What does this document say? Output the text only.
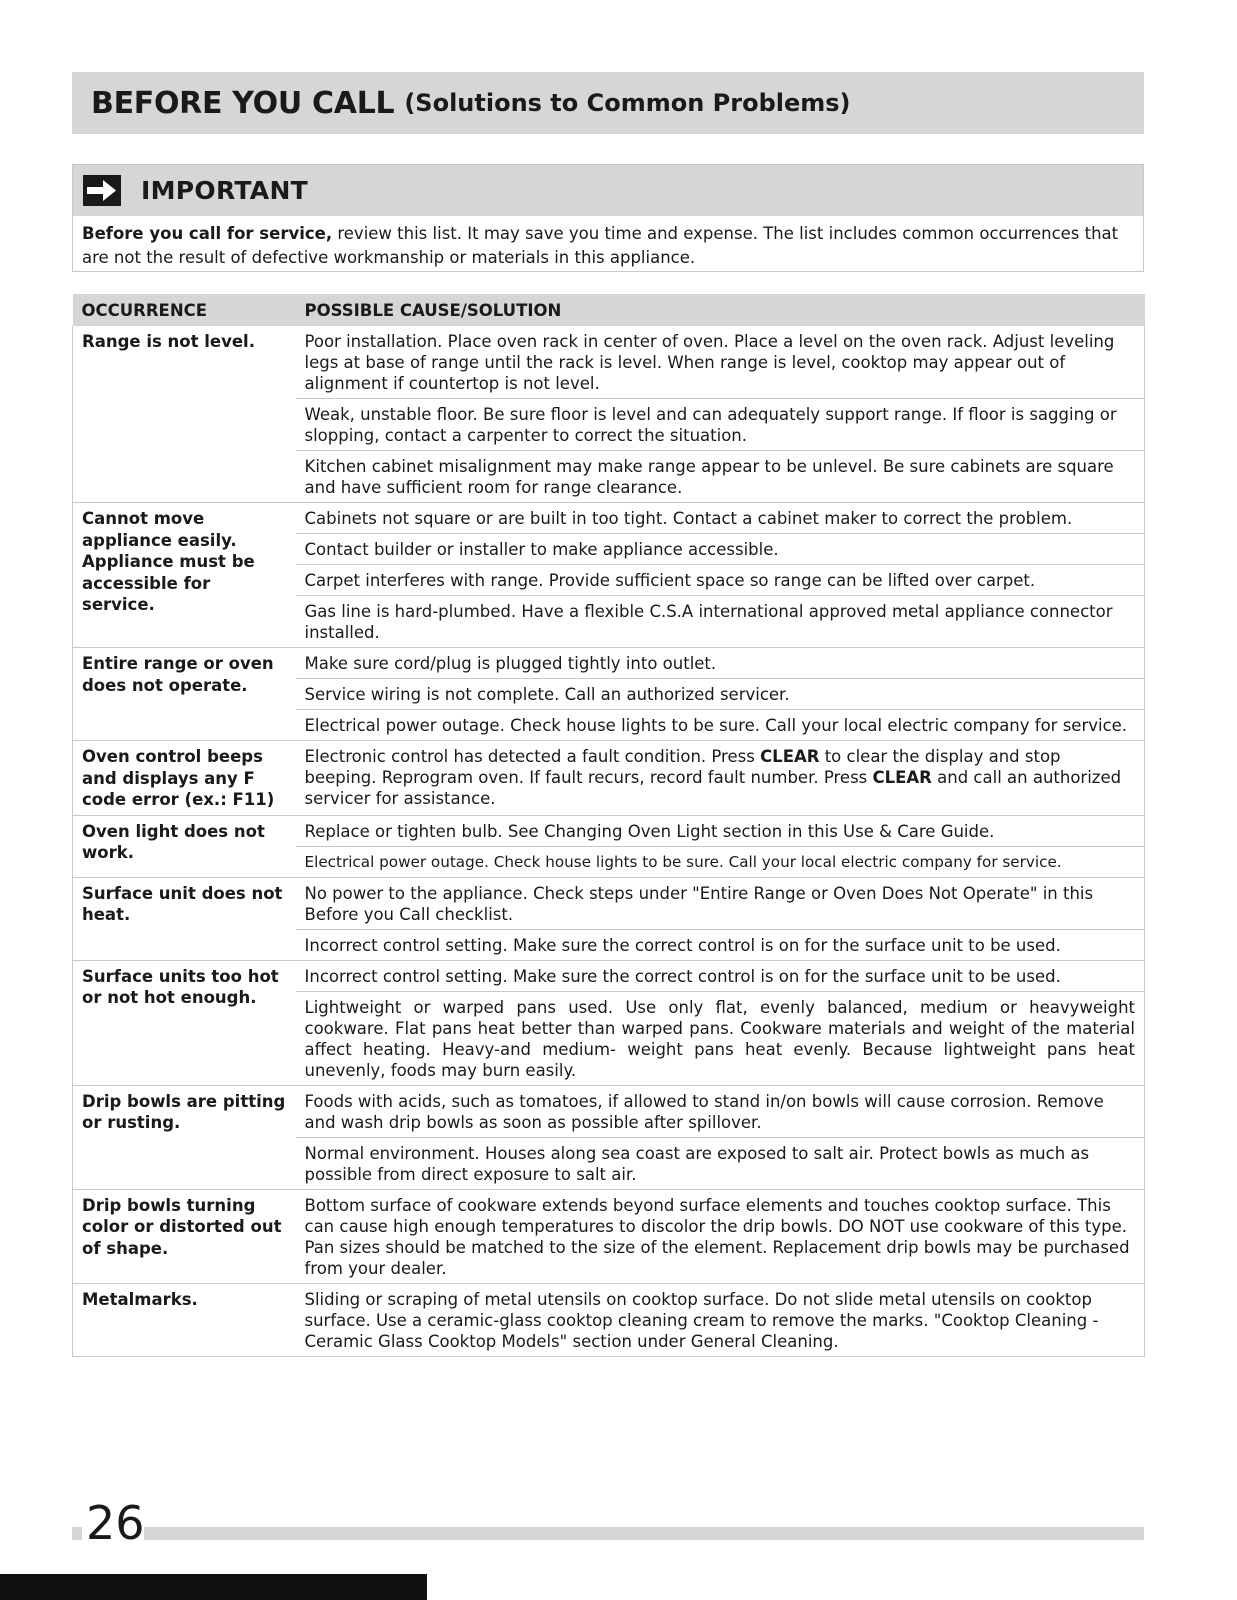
BEFORE YOU CALL (Solutions to Common Problems)
IMPORTANT
Before you call for service, review this list. It may save you time and expense. The list includes common occurrences that are not the result of defective workmanship or materials in this appliance.
OCCURRENCE	POSSIBLE CAUSE/SOLUTION
Range is not level.	Poor installation. Place oven rack in center of oven. Place a level on the oven rack. Adjust leveling legs at base of range until the rack is level. When range is level, cooktop may appear out of alignment if countertop is not level.
	Weak, unstable floor. Be sure floor is level and can adequately support range. If floor is sagging or slopping, contact a carpenter to correct the situation.
	Kitchen cabinet misalignment may make range appear to be unlevel. Be sure cabinets are square and have sufficient room for range clearance.
Cannot move appliance easily. Appliance must be accessible for service.	Cabinets not square or are built in too tight. Contact a cabinet maker to correct the problem.
	Contact builder or installer to make appliance accessible.
	Carpet interferes with range. Provide sufficient space so range can be lifted over carpet.
	Gas line is hard-plumbed. Have a flexible C.S.A international approved metal appliance connector installed.
Entire range or oven does not operate.	Make sure cord/plug is plugged tightly into outlet.
	Service wiring is not complete. Call an authorized servicer.
	Electrical power outage. Check house lights to be sure. Call your local electric company for service.
Oven control beeps and displays any F code error (ex.: F11)	Electronic control has detected a fault condition. Press CLEAR to clear the display and stop beeping. Reprogram oven. If fault recurs, record fault number. Press CLEAR and call an authorized servicer for assistance.
Oven light does not work.	Replace or tighten bulb. See Changing Oven Light section in this Use & Care Guide.
	Electrical power outage. Check house lights to be sure. Call your local electric company for service.
Surface unit does not heat.	No power to the appliance. Check steps under "Entire Range or Oven Does Not Operate" in this Before you Call checklist.
	Incorrect control setting. Make sure the correct control is on for the surface unit to be used.
Surface units too hot or not hot enough.	Incorrect control setting. Make sure the correct control is on for the surface unit to be used.
	Lightweight or warped pans used. Use only flat, evenly balanced, medium or heavyweight cookware. Flat pans heat better than warped pans. Cookware materials and weight of the material affect heating. Heavy-and medium- weight pans heat evenly. Because lightweight pans heat unevenly, foods may burn easily.
Drip bowls are pitting or rusting.	Foods with acids, such as tomatoes, if allowed to stand in/on bowls will cause corrosion. Remove and wash drip bowls as soon as possible after spillover.
	Normal environment. Houses along sea coast are exposed to salt air. Protect bowls as much as possible from direct exposure to salt air.
Drip bowls turning color or distorted out of shape.	Bottom surface of cookware extends beyond surface elements and touches cooktop surface. This can cause high enough temperatures to discolor the drip bowls. DO NOT use cookware of this type. Pan sizes should be matched to the size of the element. Replacement drip bowls may be purchased from your dealer.
Metalmarks.	Sliding or scraping of metal utensils on cooktop surface. Do not slide metal utensils on cooktop surface. Use a ceramic-glass cooktop cleaning cream to remove the marks. "Cooktop Cleaning - Ceramic Glass Cooktop Models" section under General Cleaning.
26
